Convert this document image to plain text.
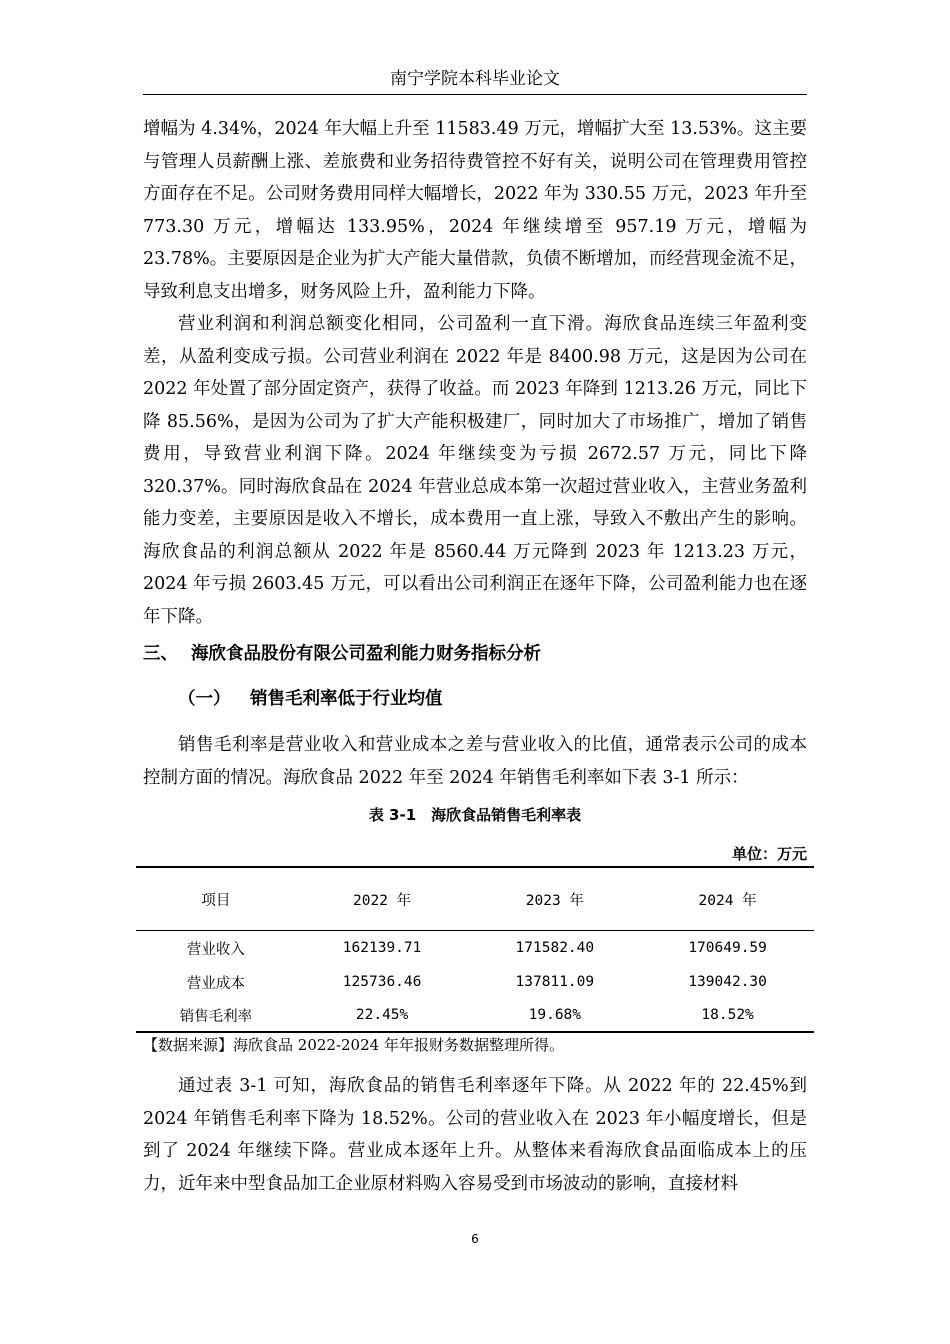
南宁学院本科毕业论文

增幅为 4.34%，2024 年大幅上升至 11583.49 万元，增幅扩大至 13.53%。这主要与管理人员薪酬上涨、差旅费和业务招待费管控不好有关，说明公司在管理费用管控方面存在不足。公司财务费用同样大幅增长，2022 年为 330.55 万元，2023 年升至 773.30 万元，增幅达 133.95%，2024 年继续增至 957.19 万元，增幅为 23.78%。主要原因是企业为扩大产能大量借款，负债不断增加，而经营现金流不足，导致利息支出增多，财务风险上升，盈利能力下降。

营业利润和利润总额变化相同，公司盈利一直下滑。海欣食品连续三年盈利变差，从盈利变成亏损。公司营业利润在 2022 年是 8400.98 万元，这是因为公司在 2022 年处置了部分固定资产，获得了收益。而 2023 年降到 1213.26 万元，同比下降 85.56%，是因为公司为了扩大产能积极建厂，同时加大了市场推广，增加了销售费用，导致营业利润下降。2024 年继续变为亏损 2672.57 万元，同比下降 320.37%。同时海欣食品在 2024 年营业总成本第一次超过营业收入，主营业务盈利能力变差，主要原因是收入不增长，成本费用一直上涨，导致入不敷出产生的影响。海欣食品的利润总额从 2022 年是 8560.44 万元降到 2023 年 1213.23 万元，2024 年亏损 2603.45 万元，可以看出公司利润正在逐年下降，公司盈利能力也在逐年下降。

三、 海欣食品股份有限公司盈利能力财务指标分析
（一） 销售毛利率低于行业均值

销售毛利率是营业收入和营业成本之差与营业收入的比值，通常表示公司的成本控制方面的情况。海欣食品 2022 年至 2024 年销售毛利率如下表 3-1 所示：

表 3-1　海欣食品销售毛利率表
单位：万元
项目	2022 年	2023 年	2024 年
营业收入	162139.71	171582.40	170649.59
营业成本	125736.46	137811.09	139042.30
销售毛利率	22.45%	19.68%	18.52%
【数据来源】海欣食品 2022-2024 年年报财务数据整理所得。

通过表 3-1 可知，海欣食品的销售毛利率逐年下降。从 2022 年的 22.45%到 2024 年销售毛利率下降为 18.52%。公司的营业收入在 2023 年小幅度增长，但是到了 2024 年继续下降。营业成本逐年上升。从整体来看海欣食品面临成本上的压力，近年来中型食品加工企业原材料购入容易受到市场波动的影响，直接材料

6
